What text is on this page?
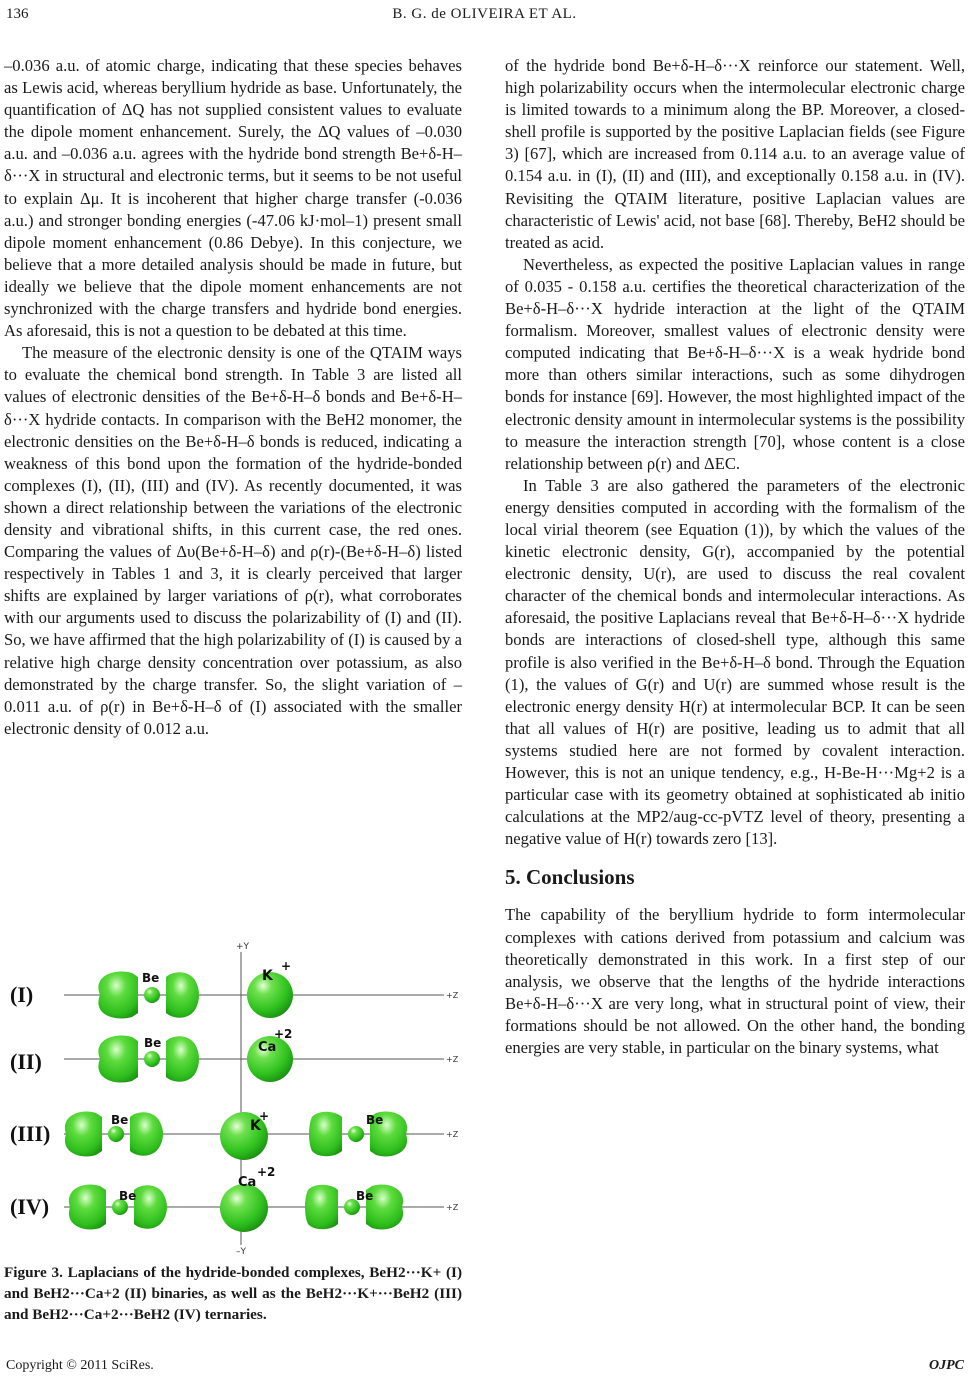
136	B. G. de OLIVEIRA ET AL.

–0.036 a.u. of atomic charge, indicating that these species behaves as Lewis acid, whereas beryllium hydride as base. Unfortunately, the quantification of ΔQ has not supplied consistent values to evaluate the dipole moment enhancement. Surely, the ΔQ values of –0.030 a.u. and –0.036 a.u. agrees with the hydride bond strength Be+δ-H–δ···X in structural and electronic terms, but it seems to be not useful to explain Δμ. It is incoherent that higher charge transfer (-0.036 a.u.) and stronger bonding energies (-47.06 kJ·mol–1) present small dipole moment enhancement (0.86 Debye). In this conjecture, we believe that a more detailed analysis should be made in future, but ideally we believe that the dipole moment enhancements are not synchronized with the charge transfers and hydride bond energies. As aforesaid, this is not a question to be debated at this time.

The measure of the electronic density is one of the QTAIM ways to evaluate the chemical bond strength. In Table 3 are listed all values of electronic densities of the Be+δ-H–δ bonds and Be+δ-H–δ···X hydride contacts. In comparison with the BeH2 monomer, the electronic densities on the Be+δ-H–δ bonds is reduced, indicating a weakness of this bond upon the formation of the hydride-bonded complexes (I), (II), (III) and (IV). As recently documented, it was shown a direct relationship between the variations of the electronic density and vibrational shifts, in this current case, the red ones. Comparing the values of Δυ(Be+δ-H–δ) and ρ(r)-(Be+δ-H–δ) listed respectively in Tables 1 and 3, it is clearly perceived that larger shifts are explained by larger variations of ρ(r), what corroborates with our arguments used to discuss the polarizability of (I) and (II). So, we have affirmed that the high polarizability of (I) is caused by a relative high charge density concentration over potassium, as also demonstrated by the charge transfer. So, the slight variation of –0.011 a.u. of ρ(r) in Be+δ-H–δ of (I) associated with the smaller electronic density of 0.012 a.u.

+Y
–Y
+Z
+Z
+Z
+Z
(I)
Be	K
+
(II)
Be	Ca
+2
(III)
Be	K
+	Be
(IV)	Be
Ca
+2
Be
Figure 3. Laplacians of the hydride-bonded complexes, BeH2···K+ (I) and BeH2···Ca+2 (II) binaries, as well as the BeH2···K+···BeH2 (III) and BeH2···Ca+2···BeH2 (IV) ternaries.

of the hydride bond Be+δ-H–δ···X reinforce our statement. Well, high polarizability occurs when the intermolecular electronic charge is limited towards to a minimum along the BP. Moreover, a closed-shell profile is supported by the positive Laplacian fields (see Figure 3) [67], which are increased from 0.114 a.u. to an average value of 0.154 a.u. in (I), (II) and (III), and exceptionally 0.158 a.u. in (IV). Revisiting the QTAIM literature, positive Laplacian values are characteristic of Lewis' acid, not base [68]. Thereby, BeH2 should be treated as acid.

Nevertheless, as expected the positive Laplacian values in range of 0.035 - 0.158 a.u. certifies the theoretical characterization of the Be+δ-H–δ···X hydride interaction at the light of the QTAIM formalism. Moreover, smallest values of electronic density were computed indicating that Be+δ-H–δ···X is a weak hydride bond more than others similar interactions, such as some dihydrogen bonds for instance [69]. However, the most highlighted impact of the electronic density amount in intermolecular systems is the possibility to measure the interaction strength [70], whose content is a close relationship between ρ(r) and ΔEC.

In Table 3 are also gathered the parameters of the electronic energy densities computed in according with the formalism of the local virial theorem (see Equation (1)), by which the values of the kinetic electronic density, G(r), accompanied by the potential electronic density, U(r), are used to discuss the real covalent character of the chemical bonds and intermolecular interactions. As aforesaid, the positive Laplacians reveal that Be+δ-H–δ···X hydride bonds are interactions of closed-shell type, although this same profile is also verified in the Be+δ-H–δ bond. Through the Equation (1), the values of G(r) and U(r) are summed whose result is the electronic energy density H(r) at intermolecular BCP. It can be seen that all values of H(r) are positive, leading us to admit that all systems studied here are not formed by covalent interaction. However, this is not an unique tendency, e.g., H-Be-H···Mg+2 is a particular case with its geometry obtained at sophisticated ab initio calculations at the MP2/aug-cc-pVTZ level of theory, presenting a negative value of H(r) towards zero [13].

5. Conclusions

The capability of the beryllium hydride to form intermolecular complexes with cations derived from potassium and calcium was theoretically demonstrated in this work. In a first step of our analysis, we observe that the lengths of the hydride interactions Be+δ-H–δ···X are very long, what in structural point of view, their formations should be not allowed. On the other hand, the bonding energies are very stable, in particular on the binary systems, what

Copyright © 2011 SciRes.	OJPC
